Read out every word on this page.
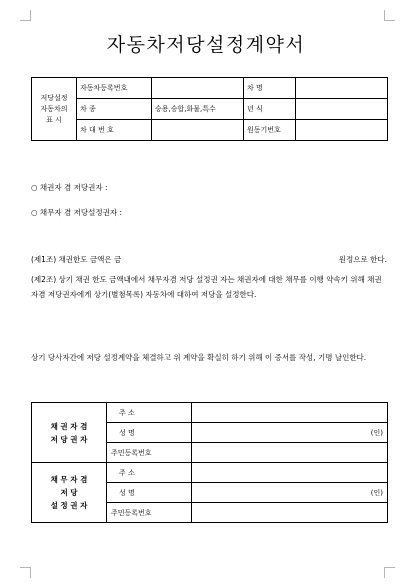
자동차저당설정계약서
저당설정
자동차의
표 시	자동차등록번호		차 명	

	차 종	승용,승합,화물,특수	년 식	
	차 대 번 호		원동기번호	
○ 채권자 겸 저당권자 :
○ 채무자 겸 저당설정권자 :
(제1조) 채권한도 금액은 금	원정으로 한다.
(제2조) 상기 채권 한도 금액내에서 채무자겸 저당 설정권 자는 채권자에 대한 채무를 이행 약속키 위해 채권자겸 저당권자에게 상기(별첨목록) 자동차에 대하여 저당을 설정한다.
상기 당사자간에 저당 설정계약을 체결하고 위 계약을 확실히 하기 위해 이 증서를 작성, 기명 날인한다.
채 권 자 겸
저 당 권 자	주 소	

	성 명	(인)
	주민등록번호	

채 무 자 겸
저 당
설 정 권 자	주 소	

	성 명	(인)
	주민등록번호	
